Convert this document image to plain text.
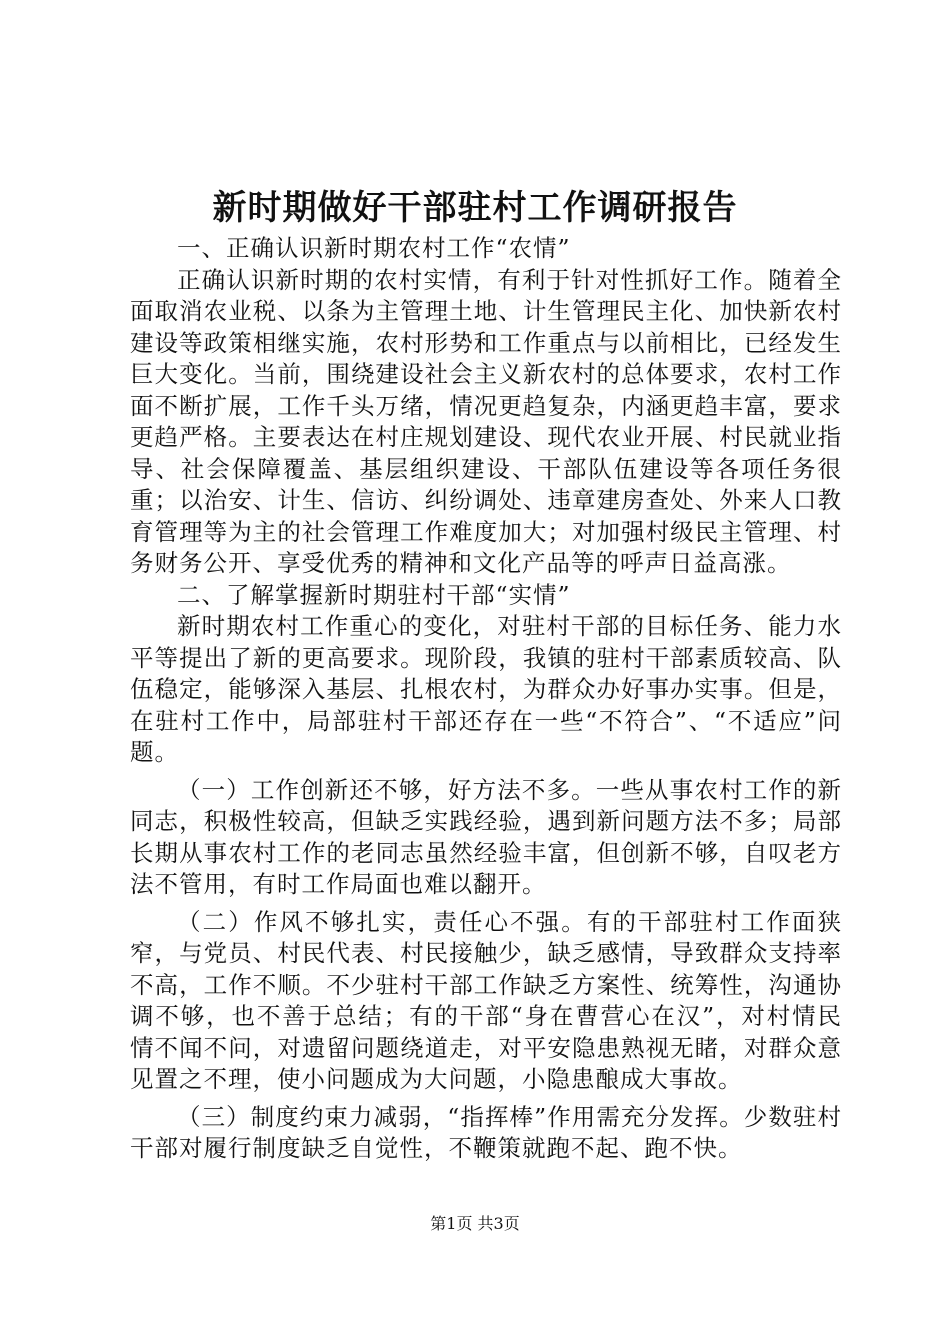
新时期做好干部驻村工作调研报告

一、正确认识新时期农村工作“农情”

正确认识新时期的农村实情，有利于针对性抓好工作。随着全面取消农业税、以条为主管理土地、计生管理民主化、加快新农村建设等政策相继实施，农村形势和工作重点与以前相比，已经发生巨大变化。当前，围绕建设社会主义新农村的总体要求，农村工作面不断扩展，工作千头万绪，情况更趋复杂，内涵更趋丰富，要求更趋严格。主要表达在村庄规划建设、现代农业开展、村民就业指导、社会保障覆盖、基层组织建设、干部队伍建设等各项任务很重；以治安、计生、信访、纠纷调处、违章建房查处、外来人口教育管理等为主的社会管理工作难度加大；对加强村级民主管理、村务财务公开、享受优秀的精神和文化产品等的呼声日益高涨。

二、了解掌握新时期驻村干部“实情”

新时期农村工作重心的变化，对驻村干部的目标任务、能力水平等提出了新的更高要求。现阶段，我镇的驻村干部素质较高、队伍稳定，能够深入基层、扎根农村，为群众办好事办实事。但是，在驻村工作中，局部驻村干部还存在一些“不符合”、“不适应”问题。

（一）工作创新还不够，好方法不多。一些从事农村工作的新同志，积极性较高，但缺乏实践经验，遇到新问题方法不多；局部长期从事农村工作的老同志虽然经验丰富，但创新不够，自叹老方法不管用，有时工作局面也难以翻开。

（二）作风不够扎实，责任心不强。有的干部驻村工作面狭窄，与党员、村民代表、村民接触少，缺乏感情，导致群众支持率不高，工作不顺。不少驻村干部工作缺乏方案性、统筹性，沟通协调不够，也不善于总结；有的干部“身在曹营心在汉”，对村情民情不闻不问，对遗留问题绕道走，对平安隐患熟视无睹，对群众意见置之不理，使小问题成为大问题，小隐患酿成大事故。

（三）制度约束力减弱，“指挥棒”作用需充分发挥。少数驻村干部对履行制度缺乏自觉性，不鞭策就跑不起、跑不快。

第1页 共3页
